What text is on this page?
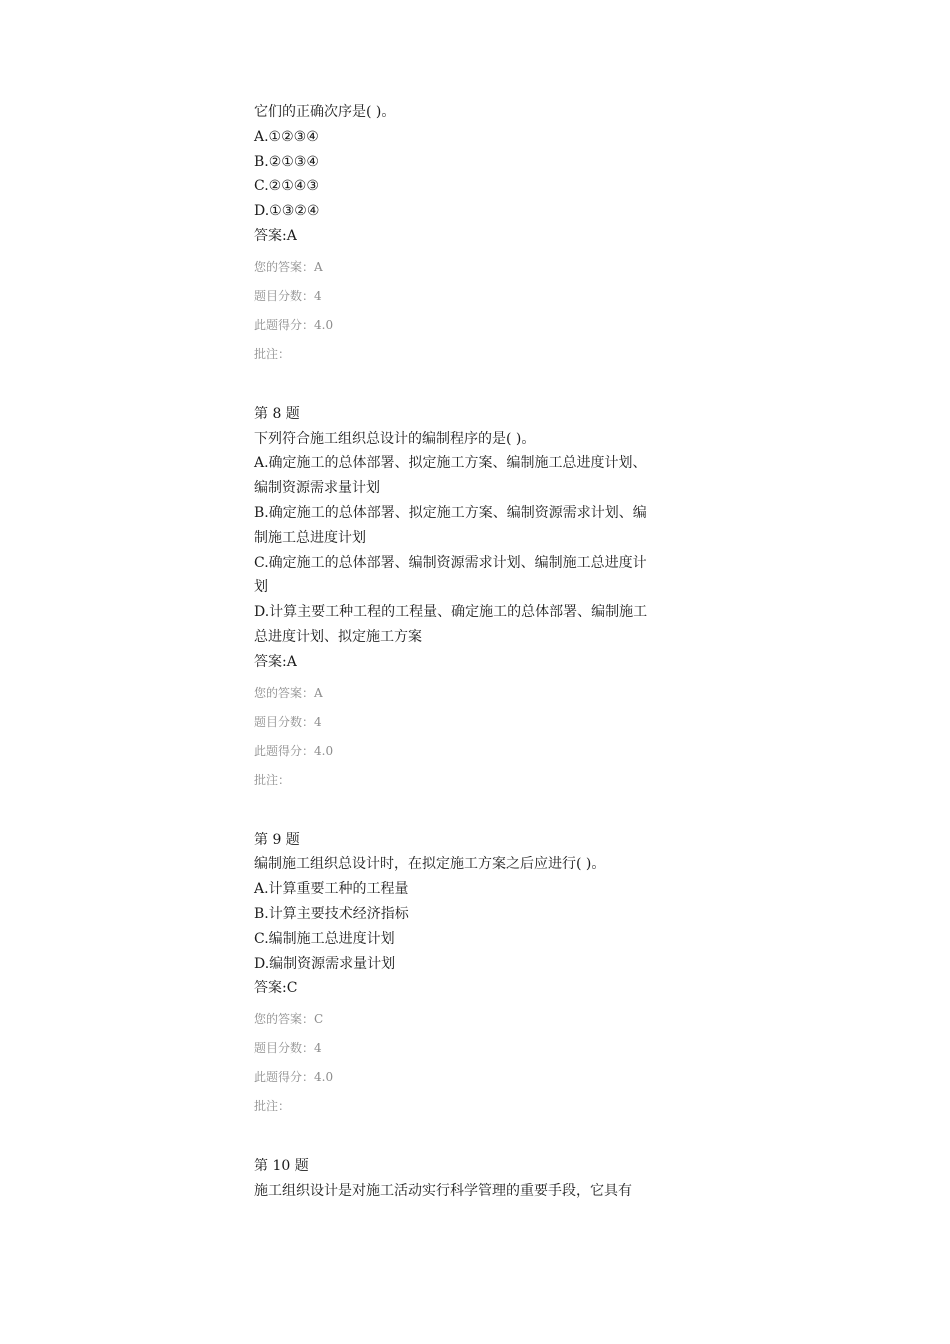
它们的正确次序是( )。

A.①②③④

B.②①③④

C.②①④③

D.①③②④

答案:A

您的答案：A

题目分数：4

此题得分：4.0

批注：

第 8 题

下列符合施工组织总设计的编制程序的是( )。

A.确定施工的总体部署、拟定施工方案、编制施工总进度计划、

编制资源需求量计划

B.确定施工的总体部署、拟定施工方案、编制资源需求计划、编

制施工总进度计划

C.确定施工的总体部署、编制资源需求计划、编制施工总进度计

划

D.计算主要工种工程的工程量、确定施工的总体部署、编制施工

总进度计划、拟定施工方案

答案:A

您的答案：A

题目分数：4

此题得分：4.0

批注：

第 9 题

编制施工组织总设计时，在拟定施工方案之后应进行( )。

A.计算重要工种的工程量

B.计算主要技术经济指标

C.编制施工总进度计划

D.编制资源需求量计划

答案:C

您的答案：C

题目分数：4

此题得分：4.0

批注：

第 10 题

施工组织设计是对施工活动实行科学管理的重要手段，它具有
